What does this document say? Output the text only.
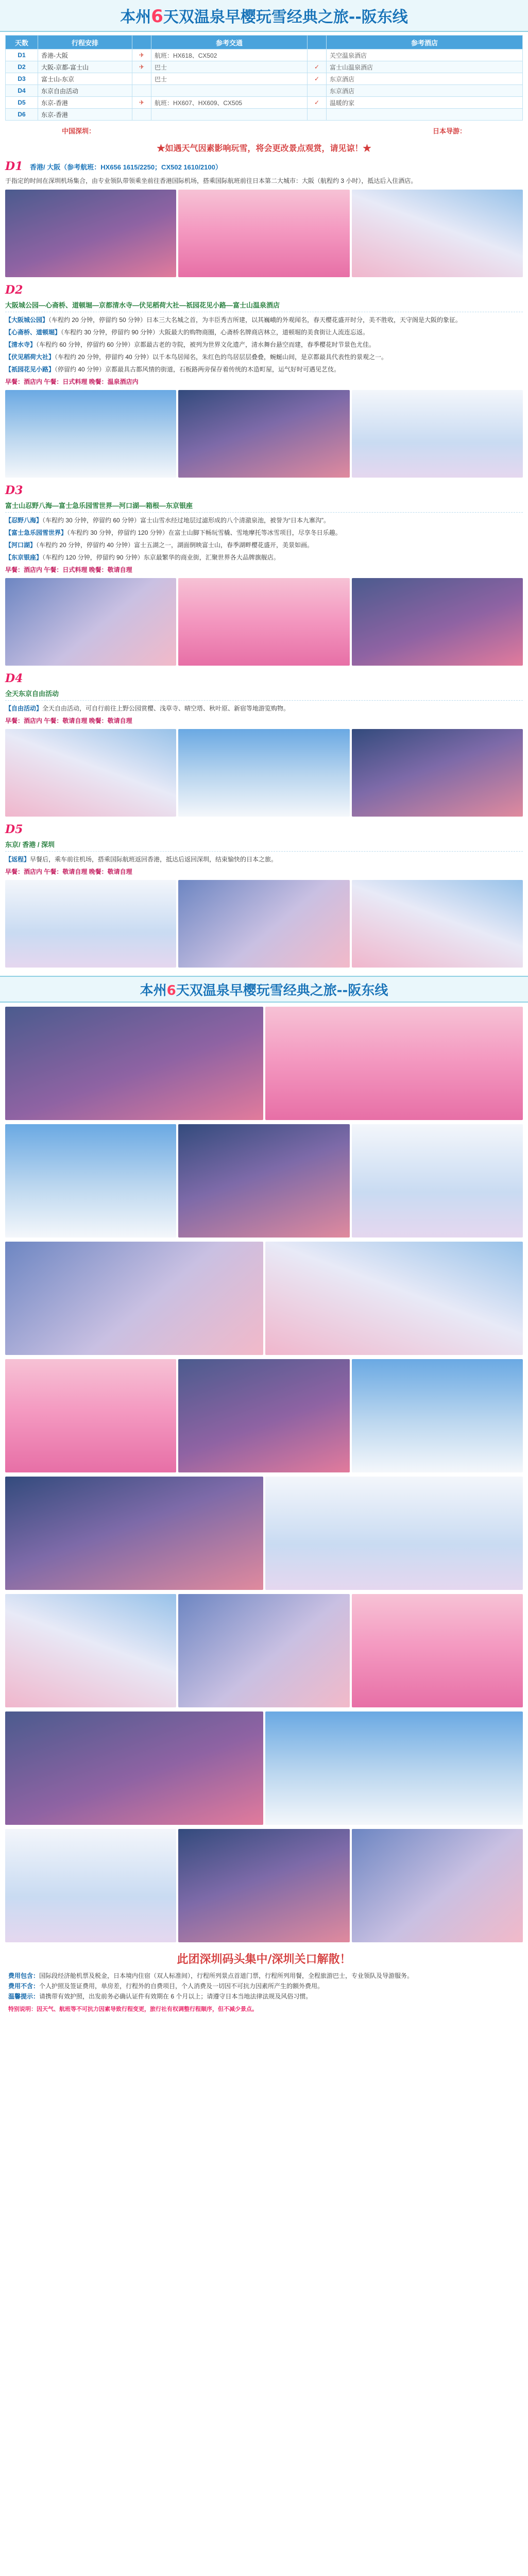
本州6天双温泉早樱玩雪经典之旅--阪东线
天数	行程安排		参考交通		参考酒店
D1	香港-大阪	✈	航班：HX618、CX502		关空温泉酒店
D2	大阪-京都-富士山	✈	巴士	✓	富士山温泉酒店
D3	富士山-东京		巴士	✓	东京酒店
D4	东京自由活动				东京酒店
D5	东京-香港	✈	航班：HX607、HX609、CX505	✓	温暖的家
D6	东京-香港				
中国深圳：	日本导游：
★如遇天气因素影响玩雪，将会更改景点观赏，请见谅！★
D1 香港/ 大阪（参考航班：HX656 1615/2250；CX502 1610/2100）
于指定的时间在深圳机场集合，由专业领队带领乘坐前往香港国际机场，搭乘国际航班前往日本第二大城市：大阪（航程约 3 小时），抵达后入住酒店。
D2
大阪城公园—心斋桥、道顿堀—京都清水寺—伏见稻荷大社—祇园花见小路—富士山温泉酒店

【大阪城公园】（车程约 20 分钟，停留约 50 分钟）日本三大名城之首，为丰臣秀吉所建，以其巍峨的外观闻名，春天樱花盛开时分，美不胜收，天守阁是大阪的象征。

【心斋桥、道顿堀】（车程约 30 分钟，停留约 90 分钟）大阪最大的购物商圈，心斋桥名牌商店林立，道顿堀的美食街让人流连忘返。

【清水寺】（车程约 60 分钟，停留约 60 分钟）京都最古老的寺院，被列为世界文化遗产，清水舞台悬空而建，春季樱花时节景色尤佳。

【伏见稻荷大社】（车程约 20 分钟，停留约 40 分钟）以千本鸟居闻名，朱红色的鸟居层层叠叠，蜿蜒山间，是京都最具代表性的景观之一。

【祇园花见小路】（停留约 40 分钟）京都最具古都风情的街道，石板路两旁保存着传统的木造町屋，运气好时可遇见艺伎。

早餐：酒店内 午餐：日式料理 晚餐：温泉酒店内
D3
富士山忍野八海—富士急乐园雪世界—河口湖—箱根—东京银座

【忍野八海】（车程约 30 分钟，停留约 60 分钟）富士山雪水经过地层过滤形成的八个清澈泉池，被誉为“日本九寨沟”。

【富士急乐园雪世界】（车程约 30 分钟，停留约 120 分钟）在富士山脚下畅玩雪橇、雪地摩托等冰雪项目，尽享冬日乐趣。

【河口湖】（车程约 20 分钟，停留约 40 分钟）富士五湖之一，湖面倒映富士山，春季湖畔樱花盛开，美景如画。

【东京银座】（车程约 120 分钟，停留约 90 分钟）东京最繁华的商业街，汇聚世界各大品牌旗舰店。

早餐：酒店内 午餐：日式料理 晚餐：敬请自理
D4
全天东京自由活动

【自由活动】全天自由活动，可自行前往上野公园赏樱、浅草寺、晴空塔、秋叶原、新宿等地游览购物。

早餐：酒店内 午餐：敬请自理 晚餐：敬请自理
D5
东京/ 香港 / 深圳

【返程】早餐后，乘车前往机场，搭乘国际航班返回香港，抵达后返回深圳，结束愉快的日本之旅。

早餐：酒店内 午餐：敬请自理 晚餐：敬请自理
本州6天双温泉早樱玩雪经典之旅--阪东线
此团深圳码头集中/深圳关口解散！
费用包含：国际段经济舱机票及税金，日本境内住宿（双人标准间），行程所列景点首道门票，行程所列用餐，全程旅游巴士，专业领队及导游服务。
费用不含：个人护照及签证费用，单房差，行程外的自费项目，个人消费及一切因不可抗力因素所产生的额外费用。
温馨提示：请携带有效护照，出发前务必确认证件有效期在 6 个月以上；请遵守日本当地法律法规及风俗习惯。
特别说明：因天气、航班等不可抗力因素导致行程变更，旅行社有权调整行程顺序，但不减少景点。
